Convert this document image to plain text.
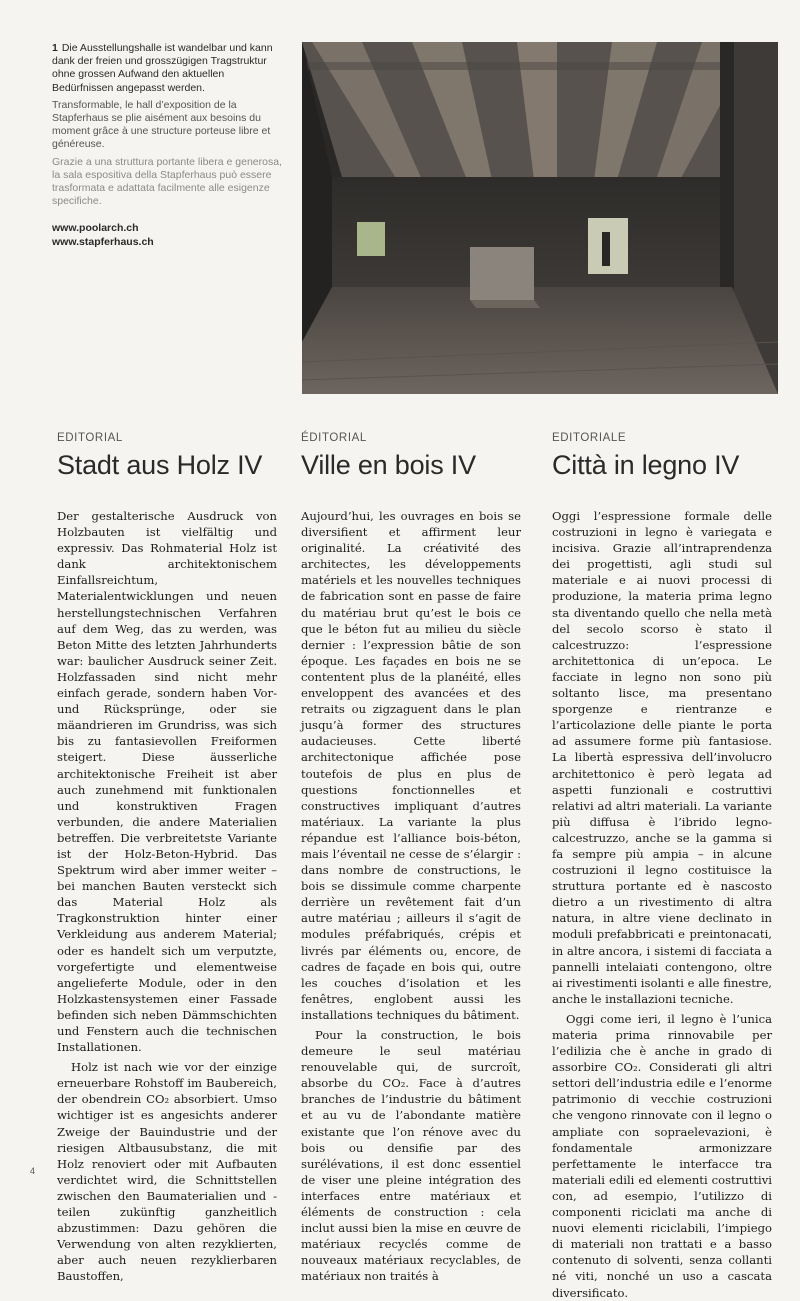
1 Die Ausstellungshalle ist wandelbar und kann dank der freien und grosszügigen Tragstruktur ohne grossen Aufwand den aktuellen Bedürfnissen angepasst werden.

Transformable, le hall d’exposition de la Stapferhaus se plie aisément aux besoins du moment grâce à une structure porteuse libre et généreuse.

Grazie a una struttura portante libera e generosa, la sala espositiva della Stapferhaus può essere trasformata e adattata facilmente alle esigenze specifiche.

www.poolarch.ch
www.stapferhaus.ch
EDITORIAL
Stadt aus Holz IV

Der gestalterische Ausdruck von Holzbauten ist vielfältig und expressiv. Das Rohmaterial Holz ist dank architektonischem Einfallsreichtum, Materialentwicklungen und neuen herstellungstechnischen Verfahren auf dem Weg, das zu werden, was Beton Mitte des letzten Jahrhunderts war: baulicher Ausdruck seiner Zeit. Holzfassaden sind nicht mehr einfach gerade, sondern haben Vor- und Rücksprünge, oder sie mäandrieren im Grundriss, was sich bis zu fantasievollen Freiformen steigert. Diese äusserliche architektonische Freiheit ist aber auch zunehmend mit funktionalen und konstruktiven Fragen verbunden, die andere Materialien betreffen. Die verbreitetste Variante ist der Holz-Beton-Hybrid. Das Spektrum wird aber immer weiter – bei manchen Bauten versteckt sich das Material Holz als Tragkonstruktion hinter einer Verkleidung aus anderem Material; oder es handelt sich um verputzte, vorgefertigte und elementweise angelieferte Module, oder in den Holzkastensystemen einer Fassade befinden sich neben Dämmschichten und Fenstern auch die technischen Installationen.

Holz ist nach wie vor der einzige erneuerbare Rohstoff im Baubereich, der obendrein CO₂ absorbiert. Umso wichtiger ist es angesichts anderer Zweige der Bauindustrie und der riesigen Altbausubstanz, die mit Holz renoviert oder mit Aufbauten verdichtet wird, die Schnittstellen zwischen den Baumaterialien und -teilen zukünftig ganzheitlich abzustimmen: Dazu gehören die Verwendung von alten rezyklierten, aber auch neuen rezyklierbaren Baustoffen,

ÉDITORIAL
Ville en bois IV

Aujourd’hui, les ouvrages en bois se diversifient et affirment leur originalité. La créativité des architectes, les développements matériels et les nouvelles techniques de fabrication sont en passe de faire du matériau brut qu’est le bois ce que le béton fut au milieu du siècle dernier : l’expression bâtie de son époque. Les façades en bois ne se contentent plus de la planéité, elles enveloppent des avancées et des retraits ou zigzaguent dans le plan jusqu’à former des structures audacieuses. Cette liberté architectonique affichée pose toutefois de plus en plus de questions fonctionnelles et constructives impliquant d’autres matériaux. La variante la plus répandue est l’alliance bois-béton, mais l’éventail ne cesse de s’élargir : dans nombre de constructions, le bois se dissimule comme charpente derrière un revêtement fait d’un autre matériau ; ailleurs il s’agit de modules préfabriqués, crépis et livrés par éléments ou, encore, de cadres de façade en bois qui, outre les couches d’isolation et les fenêtres, englobent aussi les installations techniques du bâtiment.

Pour la construction, le bois demeure le seul matériau renouvelable qui, de surcroît, absorbe du CO₂. Face à d’autres branches de l’industrie du bâtiment et au vu de l’abondante matière existante que l’on rénove avec du bois ou densifie par des surélévations, il est donc essentiel de viser une pleine intégration des interfaces entre matériaux et éléments de construction : cela inclut aussi bien la mise en œuvre de matériaux recyclés comme de nouveaux matériaux recyclables, de matériaux non traités à

EDITORIALE
Città in legno IV

Oggi l’espressione formale delle costruzioni in legno è variegata e incisiva. Grazie all’intraprendenza dei progettisti, agli studi sul materiale e ai nuovi processi di produzione, la materia prima legno sta diventando quello che nella metà del secolo scorso è stato il calcestruzzo: l’espressione architettonica di un’epoca. Le facciate in legno non sono più soltanto lisce, ma presentano sporgenze e rientranze e l’articolazione delle piante le porta ad assumere forme più fantasiose. La libertà espressiva dell’involucro architettonico è però legata ad aspetti funzionali e costruttivi relativi ad altri materiali. La variante più diffusa è l’ibrido legno-calcestruzzo, anche se la gamma si fa sempre più ampia – in alcune costruzioni il legno costituisce la struttura portante ed è nascosto dietro a un rivestimento di altra natura, in altre viene declinato in moduli prefabbricati e preintonacati, in altre ancora, i sistemi di facciata a pannelli intelaiati contengono, oltre ai rivestimenti isolanti e alle finestre, anche le installazioni tecniche.

Oggi come ieri, il legno è l’unica materia prima rinnovabile per l’edilizia che è anche in grado di assorbire CO₂. Considerati gli altri settori dell’industria edile e l’enorme patrimonio di vecchie costruzioni che vengono rinnovate con il legno o ampliate con sopraelevazioni, è fondamentale armonizzare perfettamente le interfacce tra materiali edili ed elementi costruttivi con, ad esempio, l’utilizzo di componenti riciclati ma anche di nuovi elementi riciclabili, l’impiego di materiali non trattati e a basso contenuto di solventi, senza collanti né viti, nonché un uso a cascata diversificato.

4
